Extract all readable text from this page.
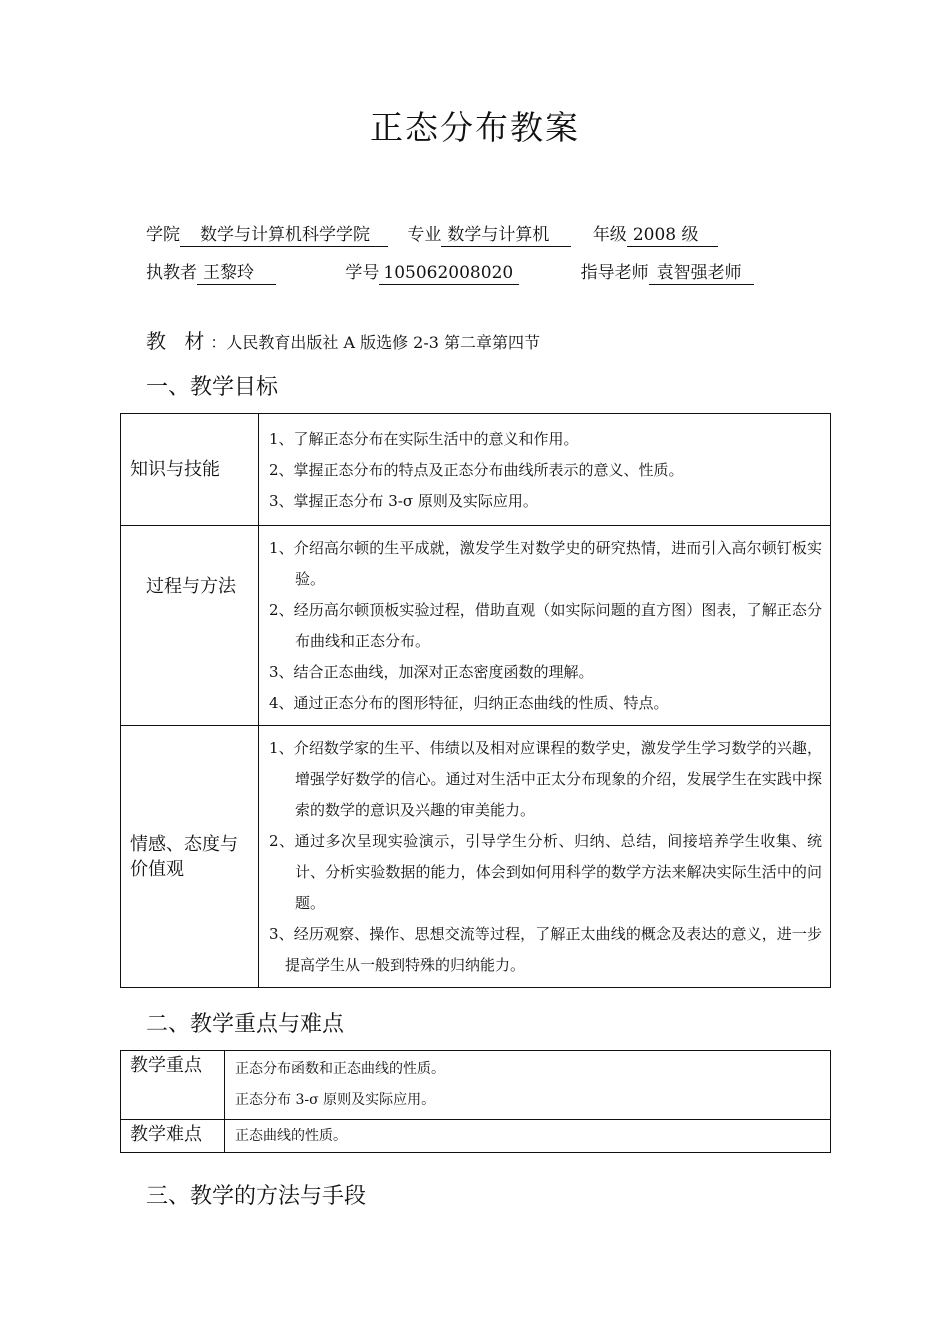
正态分布教案
学院 数学与计算机科学学院 专业 数学与计算机	年级 2008 级
执教者 王黎玲	学号 105062008020	指导老师 袁智强老师
教 材：人民教育出版社 A 版选修 2-3 第二章第四节
一、教学目标
知识与技能	1、了解正态分布在实际生活中的意义和作用。
2、掌握正态分布的特点及正态分布曲线所表示的意义、性质。
3、掌握正态分布 3-σ 原则及实际应用。

过程与方法	1、介绍高尔顿的生平成就，激发学生对数学史的研究热情，进而引入高尔顿钉板实验。
2、经历高尔顿顶板实验过程，借助直观（如实际问题的直方图）图表，了解正态分布曲线和正态分布。
3、结合正态曲线，加深对正态密度函数的理解。
4、通过正态分布的图形特征，归纳正态曲线的性质、特点。

情感、态度与价值观	1、介绍数学家的生平、伟绩以及相对应课程的数学史，激发学生学习数学的兴趣，增强学好数学的信心。通过对生活中正太分布现象的介绍，发展学生在实践中探索的数学的意识及兴趣的审美能力。
2、通过多次呈现实验演示，引导学生分析、归纳、总结，间接培养学生收集、统计、分析实验数据的能力，体会到如何用科学的数学方法来解决实际生活中的问题。
3、经历观察、操作、思想交流等过程，了解正太曲线的概念及表达的意义，进一步提高学生从一般到特殊的归纳能力。
二、教学重点与难点
教学重点	正态分布函数和正态曲线的性质。
正态分布 3-σ 原则及实际应用。

教学难点	正态曲线的性质。
三、教学的方法与手段
